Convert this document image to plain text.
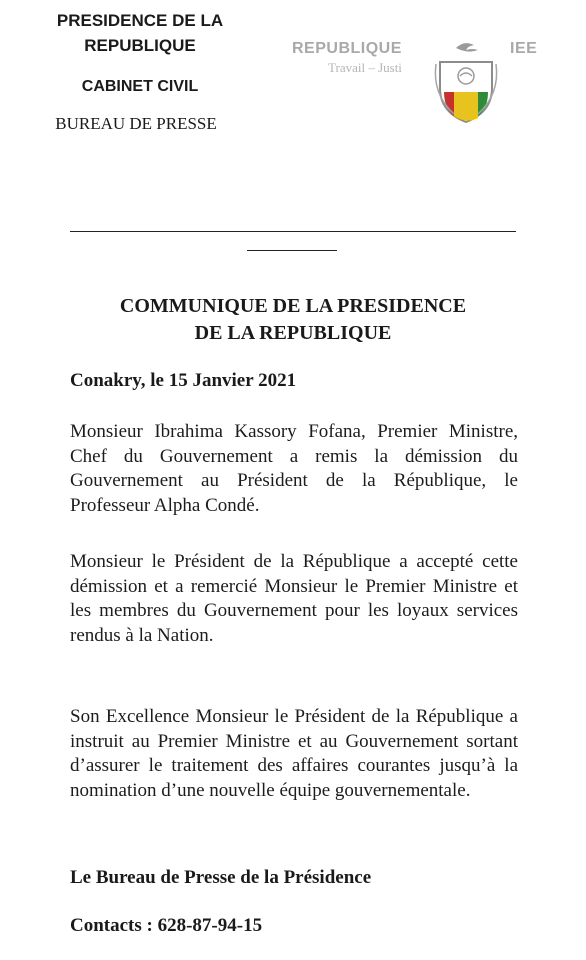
PRESIDENCE DE LA
REPUBLIQUE
CABINET CIVIL
BUREAU DE PRESSE
REPUBLIQUE	IEE
Travail – Justi
COMMUNIQUE DE LA PRESIDENCE
DE LA REPUBLIQUE
Conakry, le 15 Janvier 2021
Monsieur Ibrahima Kassory Fofana, Premier Ministre, Chef du Gouvernement a remis la démission du Gouvernement au Président de la République, le Professeur Alpha Condé.
Monsieur le Président de la République a accepté cette démission et a remercié Monsieur le Premier Ministre et les membres du Gouvernement pour les loyaux services rendus à la Nation.
Son Excellence Monsieur le Président de la République a instruit au Premier Ministre et au Gouvernement sortant d’assurer le traitement des affaires courantes jusqu’à la nomination d’une nouvelle équipe gouvernementale.
Le Bureau de Presse de la Présidence
Contacts : 628-87-94-15
